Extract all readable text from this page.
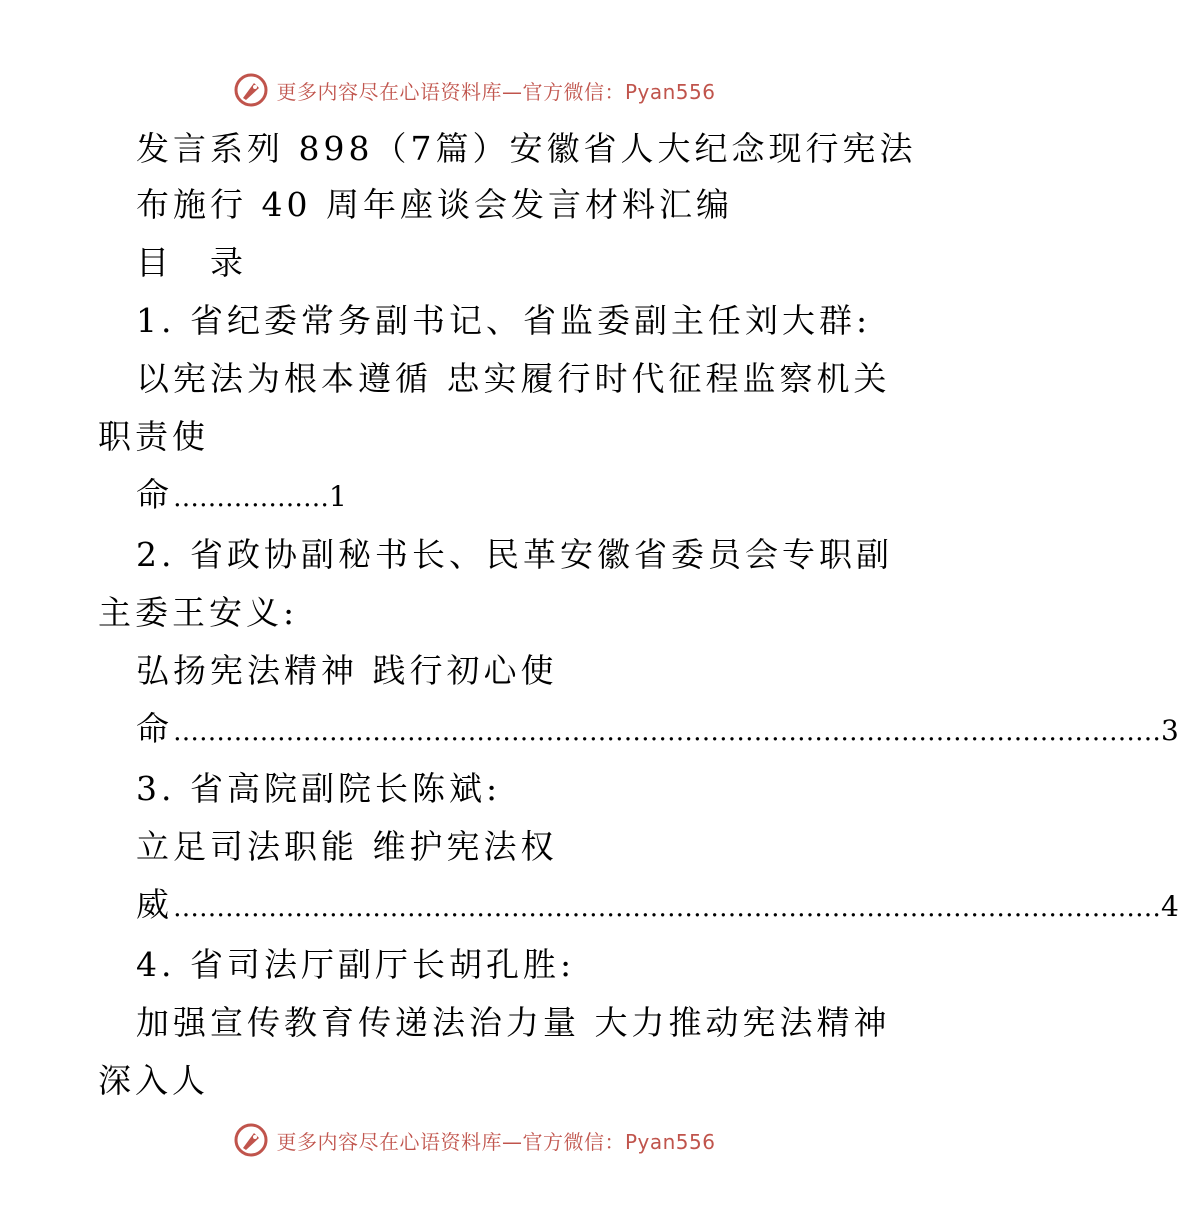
更多内容尽在心语资料库—官方微信：Pyan556
发言系列 898（7篇）安徽省人大纪念现行宪法
布施行 40 周年座谈会发言材料汇编
目　录
1. 省纪委常务副书记、省监委副主任刘大群:
以宪法为根本遵循 忠实履行时代征程监察机关
职责使
命 ……………… 1
2. 省政协副秘书长、民革安徽省委员会专职副
主委王安义:
弘扬宪法精神 践行初心使
命 …………………………………………………………………………………………………… 3
3. 省高院副院长陈斌:
立足司法职能 维护宪法权
威 …………………………………………………………………………………………………… 4
4. 省司法厅副厅长胡孔胜:
加强宣传教育传递法治力量 大力推动宪法精神
深入人
更多内容尽在心语资料库—官方微信：Pyan556
